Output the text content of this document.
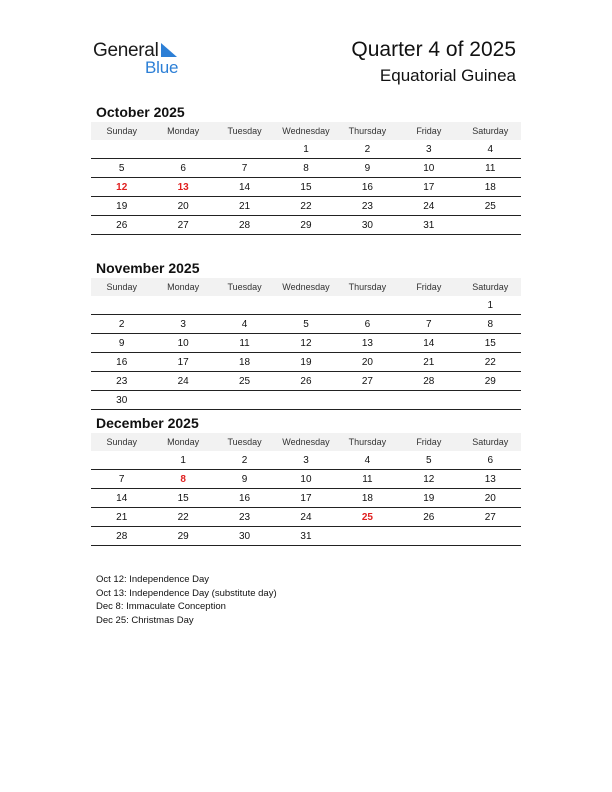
General
Blue
Quarter 4 of 2025
Equatorial Guinea
October 2025
Sunday	Monday	Tuesday	Wednesday	Thursday	Friday	Saturday
			1	2	3	4
5	6	7	8	9	10	11
12	13	14	15	16	17	18
19	20	21	22	23	24	25
26	27	28	29	30	31	
November 2025
Sunday	Monday	Tuesday	Wednesday	Thursday	Friday	Saturday
						1
2	3	4	5	6	7	8
9	10	11	12	13	14	15
16	17	18	19	20	21	22
23	24	25	26	27	28	29
30						
December 2025
Sunday	Monday	Tuesday	Wednesday	Thursday	Friday	Saturday
	1	2	3	4	5	6
7	8	9	10	11	12	13
14	15	16	17	18	19	20
21	22	23	24	25	26	27
28	29	30	31			
Oct 12: Independence Day
Oct 13: Independence Day (substitute day)
Dec 8: Immaculate Conception
Dec 25: Christmas Day
